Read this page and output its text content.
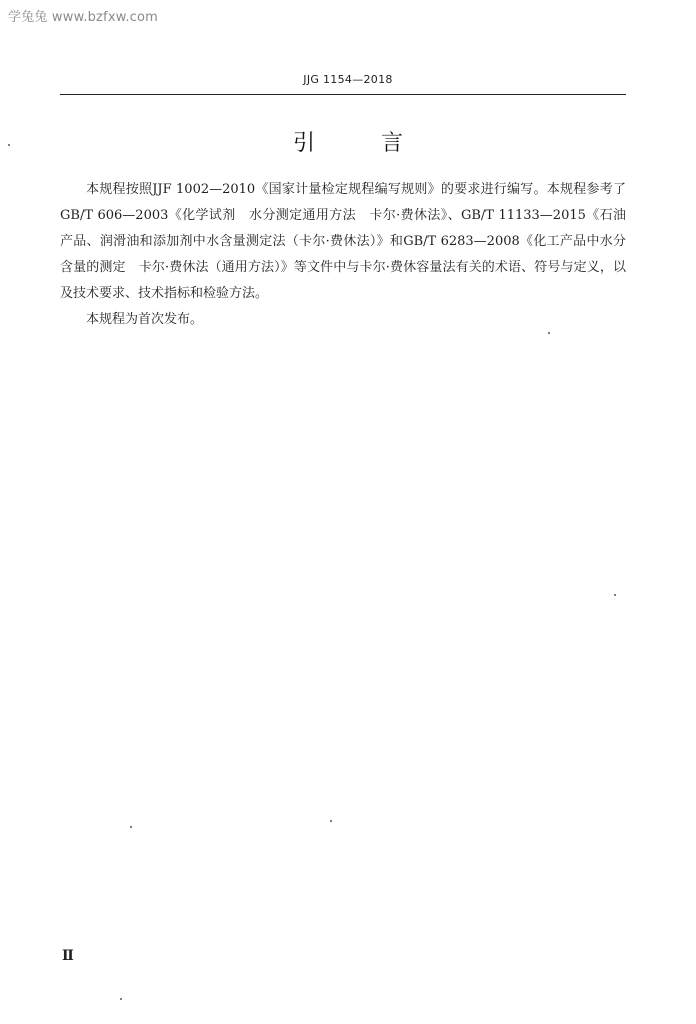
学兔兔 www.bzfxw.com
JJG 1154—2018
引　　　言

本规程按照JJF 1002—2010《国家计量检定规程编写规则》的要求进行编写。本规程参考了GB/T 606—2003《化学试剂　水分测定通用方法　卡尔·费休法》、GB/T 11133—2015《石油产品、润滑油和添加剂中水含量测定法（卡尔·费休法）》和GB/T 6283—2008《化工产品中水分含量的测定　卡尔·费休法（通用方法）》等文件中与卡尔·费休容量法有关的术语、符号与定义，以及技术要求、技术指标和检验方法。

本规程为首次发布。

Ⅱ
